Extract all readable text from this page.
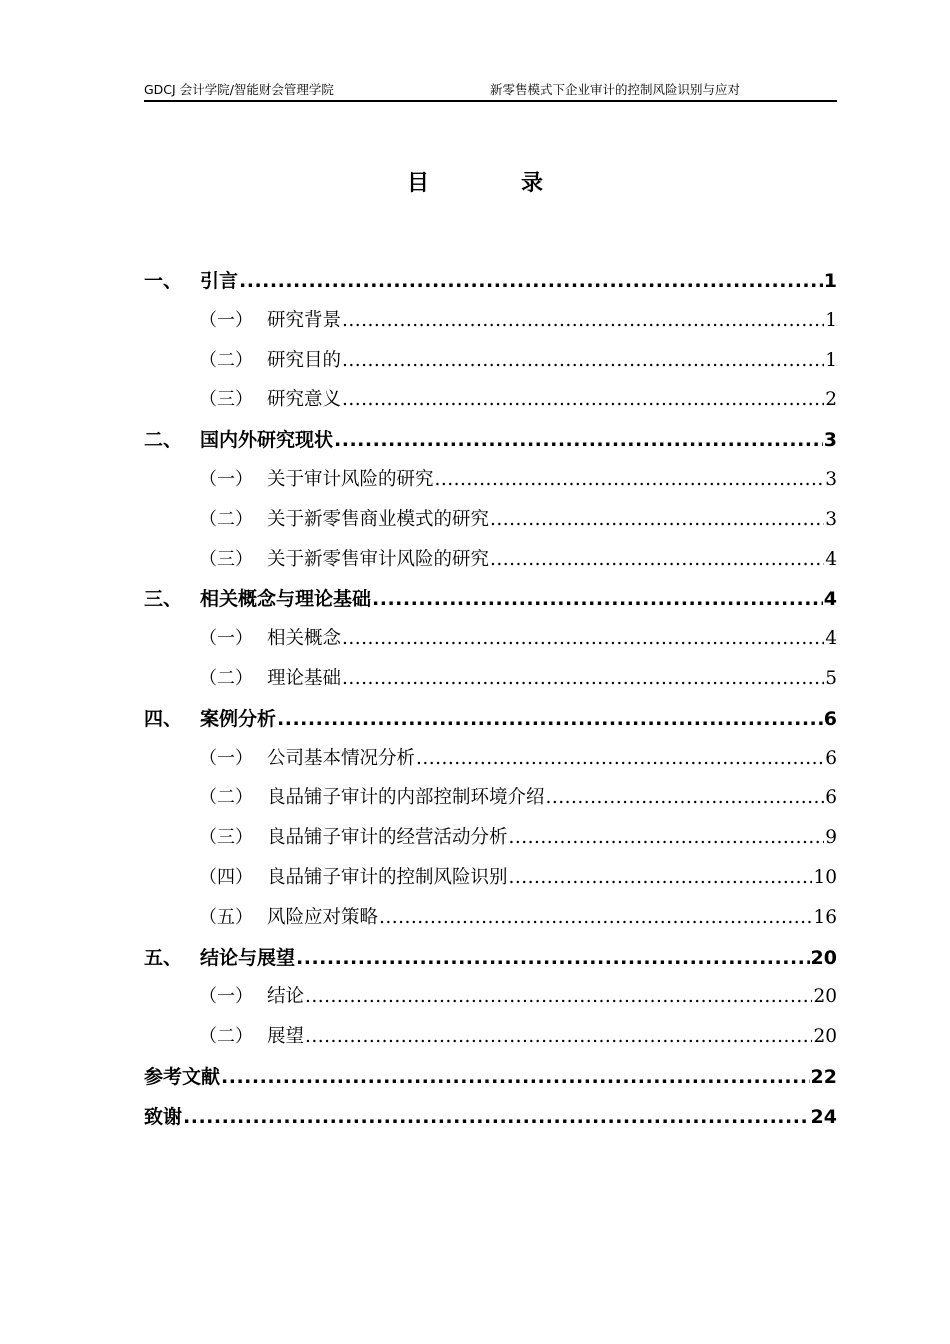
GDCJ 会计学院/智能财会管理学院	新零售模式下企业审计的控制风险识别与应对
目录
一、 引言 .....	1
（一） 研究背景 .....	1
（二） 研究目的 .....	1
（三） 研究意义 .....	2
二、 国内外研究现状 .....	3
（一） 关于审计风险的研究 .....	3
（二） 关于新零售商业模式的研究 .....	3
（三） 关于新零售审计风险的研究 .....	4
三、 相关概念与理论基础 .....	4
（一） 相关概念 .....	4
（二） 理论基础 .....	5
四、 案例分析 .....	6
（一） 公司基本情况分析 .....	6
（二） 良品铺子审计的内部控制环境介绍 .....	6
（三） 良品铺子审计的经营活动分析 .....	9
（四） 良品铺子审计的控制风险识别 .....	10
（五） 风险应对策略 .....	16
五、 结论与展望 .....	20
（一） 结论 .....	20
（二） 展望 .....	20
参考文献 .....	22
致谢 .....	24
